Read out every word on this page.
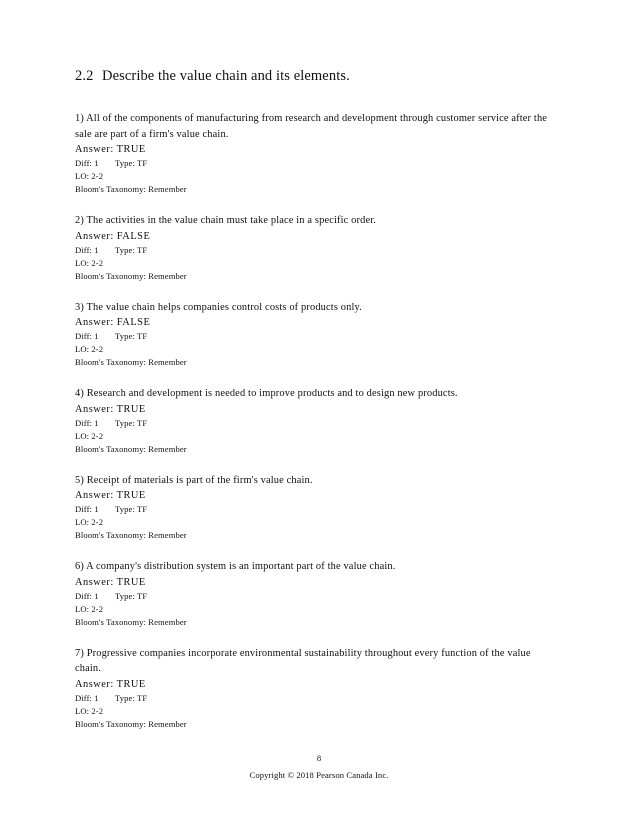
2.2 Describe the value chain and its elements.
1) All of the components of manufacturing from research and development through customer service after the sale are part of a firm's value chain.
Answer: TRUE
Diff: 1 Type: TF
LO: 2-2
Bloom's Taxonomy: Remember
2) The activities in the value chain must take place in a specific order.
Answer: FALSE
Diff: 1 Type: TF
LO: 2-2
Bloom's Taxonomy: Remember
3) The value chain helps companies control costs of products only.
Answer: FALSE
Diff: 1 Type: TF
LO: 2-2
Bloom's Taxonomy: Remember
4) Research and development is needed to improve products and to design new products.
Answer: TRUE
Diff: 1 Type: TF
LO: 2-2
Bloom's Taxonomy: Remember
5) Receipt of materials is part of the firm's value chain.
Answer: TRUE
Diff: 1 Type: TF
LO: 2-2
Bloom's Taxonomy: Remember
6) A company's distribution system is an important part of the value chain.
Answer: TRUE
Diff: 1 Type: TF
LO: 2-2
Bloom's Taxonomy: Remember
7) Progressive companies incorporate environmental sustainability throughout every function of the value chain.
Answer: TRUE
Diff: 1 Type: TF
LO: 2-2
Bloom's Taxonomy: Remember
8
Copyright © 2018 Pearson Canada Inc.
